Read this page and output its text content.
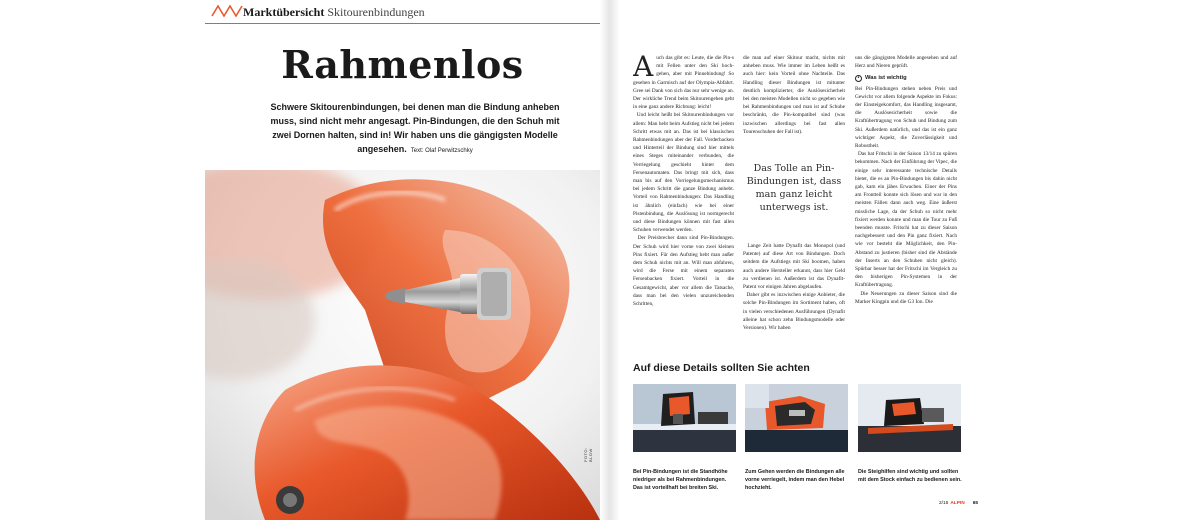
Marktübersicht Skitourenbindungen
Rahmenlos
Schwere Skitourenbindungen, bei denen man die Bindung anheben muss, sind nicht mehr angesagt. Pin-Bindungen, die den Schuh mit zwei Dornen halten, sind in! Wir haben uns die gängigsten Modelle angesehen. Text: Olaf Perwitzschky
FOTO: BLOW

Auch das gibt es: Leute, die die Pin-s mit Fellen unter den Ski hoch-gehen, aber mit Pinnebindung! So gesehen in Garmisch auf der Olympia-Abfahrt. Gree sei Dank von sich das nur sehr wenige an. Der wirkliche Trend beim Skitourengehen geht in eine ganz andere Richtung: leicht!

Und leicht heißt bei Skitourenbindungen vor allem: Man hebt beim Aufstieg nicht bei jedem Schritt etwas mit an. Das ist bei klassischen Rahmenbindungen aber der Fall. Vorderbacken und Hinterteil der Bindung sind hier mittels eines Steges miteinander verbunden, die Verriegelung geschieht hinter dem Fersenautomaten. Das bringt mit sich, dass man bis auf den Vorriegelungsmechanismus bei jedem Schritt die ganze Bindung anhebt. Vorteil von Rahmenbindungen: Das Handling ist ähnlich (einfach) wie bei einer Pistenbindung, die Auslösung ist normgerecht und diese Bindungen können mit fast allen Schuhen verwendet werden.

Der Preisbrecher dann sind Pin-Bindungen. Der Schuh wird hier vorne von zwei kleinen Pins fixiert. Für den Aufstieg hebt man außer dem Schuh nichts mit an. Will man abfahren, wird die Ferse mit einem separaten Fersenbacken fixiert. Vorteil in die Gesamtgewicht, aber vor allem die Tatsache, dass man bei den vielen unzureichenden Schritten,

die man auf einer Skitour macht, nichts mit anheben muss. Wie immer im Leben heißt es auch hier: kein Vorteil ohne Nachteile. Das Handling dieser Bindungen ist mitunter deutlich komplizierter, die Auslösesicherheit bei den meisten Modellen nicht so gegeben wie bei Rahmenbindungen und man ist auf Schuhe beschränkt, die Pin-kompatibel sind (was inzwischen allerdings bei fast allen Tourenschuhen der Fall ist).

Das Tolle an Pin-Bindungen ist, dass man ganz leicht unterwegs ist.

Lange Zeit hatte Dynafit das Monopol (und Patente) auf diese Art von Bindungen. Doch seitdem die Aufstiegs mit Ski boomen, haben auch andere Hersteller erkannt, dass hier Geld zu verdienen ist. Außerdem ist das Dynafit-Patent vor einigen Jahren abgelaufen.

Daher gibt es inzwischen einige Anbieter, die solche Pin-Bindungen im Sortiment haben, oft in vielen verschiedenen Ausführungen (Dynafit alleine hat schon zehn Bindungsmodelle oder Versionen). Wir haben

uns die gängigsten Modelle angesehen und auf Herz und Nieren geprüft.

• Was ist wichtig

Bei Pin-Bindungen stehen neben Preis und Gewicht vor allem folgende Aspekte im Fokus: der Einsteigekomfort, das Handling insgesamt, die Auslösesicherheit sowie die Kraftübertragung von Schuh und Bindung zum Ski. Außerdem natürlich, und das ist ein ganz wichtiger Aspekt, die Zuverlässigkeit und Robustheit.

Das hat Fritschi in der Saison 13/14 zu spüren bekommen. Nach der Einführung der Vipec, die einige sehr interessante technische Details bietet, die es an Pin-Bindungen bis dahin nicht gab, kam ein jähes Erwachen. Einer der Pins am Frontteil konnte sich lösen und war in den meisten Fällen dann auch weg. Eine äußerst missliche Lage, da der Schuh so nicht mehr fixiert werden konnte und man die Tour zu Fuß beenden musste. Fritschi hat zu dieser Saison nachgebessert und den Pin ganz fixiert. Nach wie vor besteht die Möglichkeit, den Pin-Abstand zu justieren (bisher sind die Abstände der Inserts an den Schuhen nicht gleich). Spürbar besser hat der Fritschi im Vergleich zu den bisherigen Pin-Systemen in der Kraftübertragung.

Die Neuerungen zu dieser Saison sind die Marker Kingpin und die G3 Ion. Die

Auf diese Details sollten Sie achten
Bei Pin-Bindungen ist die Standhöhe niedriger als bei Rahmenbindungen. Das ist vorteilhaft bei breiten Ski.
Zum Gehen werden die Bindungen alle vorne verriegelt, indem man den Hebel hochzieht.
Die Steighilfen sind wichtig und sollten mit dem Stock einfach zu bedienen sein.
2/15 ALPIN 65
